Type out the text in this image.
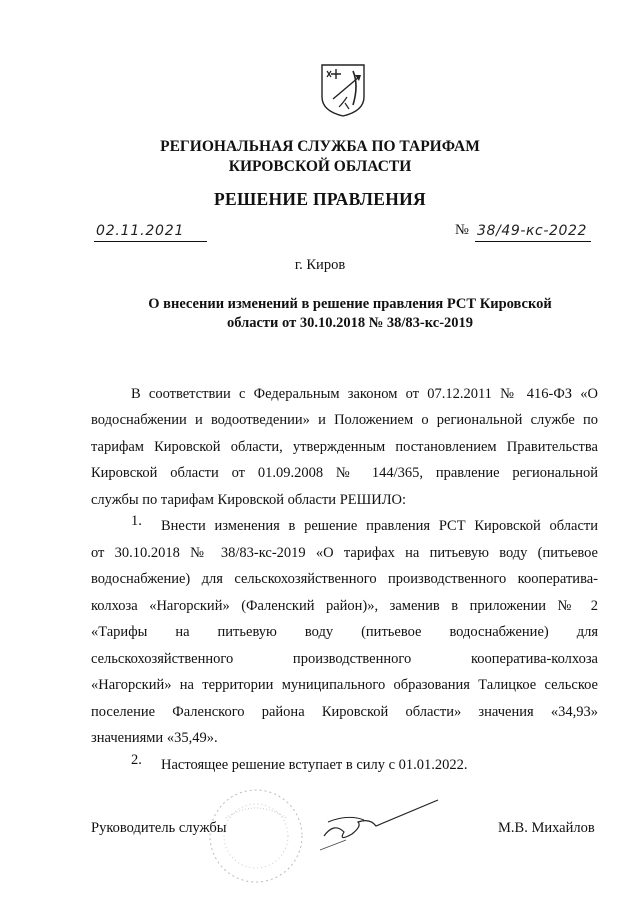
РЕГИОНАЛЬНАЯ СЛУЖБА ПО ТАРИФАМ
КИРОВСКОЙ ОБЛАСТИ
РЕШЕНИЕ ПРАВЛЕНИЯ
02.11.2021	№ 38/49-кс-2022
г. Киров
О внесении изменений в решение правления РСТ Кировской
области от 30.10.2018 № 38/83-кс-2019
В соответствии с Федеральным законом от 07.12.2011 № 416-ФЗ «О
водоснабжении и водоотведении» и Положением о региональной службе по
тарифам Кировской области, утвержденным постановлением Правительства
Кировской области от 01.09.2008 № 144/365, правление региональной
службы по тарифам Кировской области РЕШИЛО:
1. Внести изменения в решение правления РСТ Кировской области
от 30.10.2018 № 38/83-кс-2019 «О тарифах на питьевую воду (питьевое
водоснабжение) для сельскохозяйственного производственного кооператива-
колхоза «Нагорский» (Фаленский район)», заменив в приложении № 2
«Тарифы на питьевую воду (питьевое водоснабжение) для
сельскохозяйственного производственного кооператива-колхоза
«Нагорский» на территории муниципального образования Талицкое сельское
поселение Фаленского района Кировской области» значения «34,93»
значениями «35,49».
2. Настоящее решение вступает в силу с 01.01.2022.
Руководитель службы	М.В. Михайлов
